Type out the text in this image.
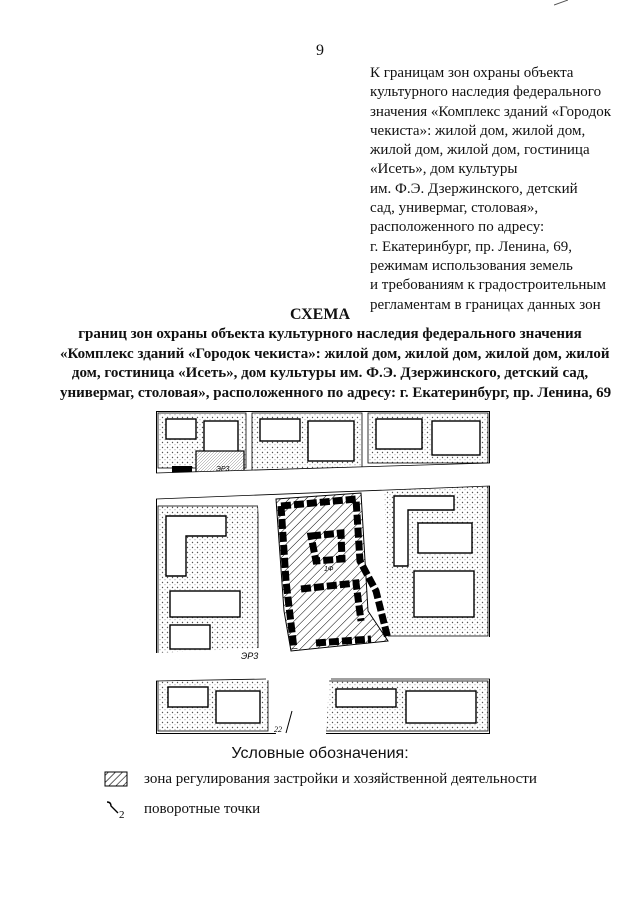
9
К границам зон охраны объекта
культурного наследия федерального
значения «Комплекс зданий «Городок
чекиста»: жилой дом, жилой дом,
жилой дом, жилой дом, гостиница
«Исеть», дом культуры
им. Ф.Э. Дзержинского, детский
сад, универмаг, столовая»,
расположенного по адресу:
г. Екатеринбург, пр. Ленина, 69,
режимам использования земель
и требованиям к градостроительным
регламентам в границах данных зон
СХЕМА
границ зон охраны объекта культурного наследия федерального значения
«Комплекс зданий «Городок чекиста»: жилой дом, жилой дом, жилой дом, жилой
дом, гостиница «Исеть», дом культуры им. Ф.Э. Дзержинского, детский сад,
универмаг, столовая», расположенного по адресу: г. Екатеринбург, пр. Ленина, 69
ЭР3
ЭР3
1Ф
22
Условные обозначения:
зона регулирования застройки и хозяйственной деятельности
2 поворотные точки
